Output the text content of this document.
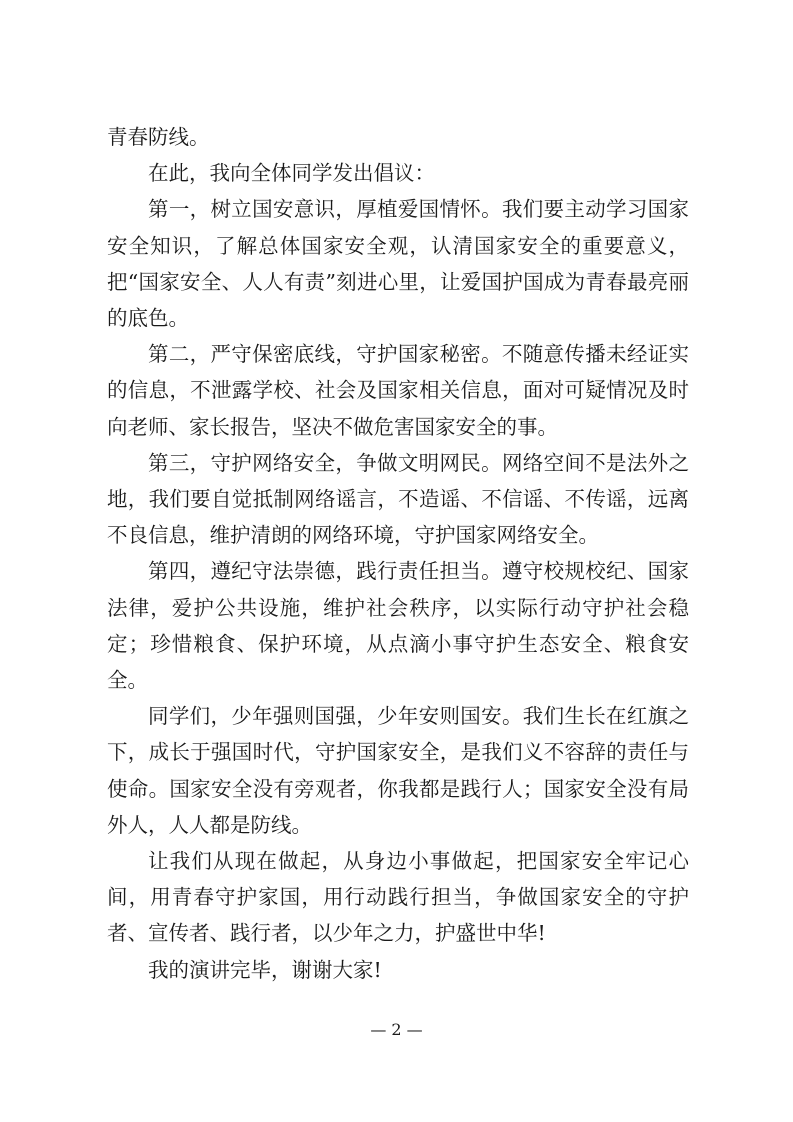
青春防线。

在此，我向全体同学发出倡议：

第一，树立国安意识，厚植爱国情怀。我们要主动学习国家安全知识，了解总体国家安全观，认清国家安全的重要意义，把“国家安全、人人有责”刻进心里，让爱国护国成为青春最亮丽的底色。

第二，严守保密底线，守护国家秘密。不随意传播未经证实的信息，不泄露学校、社会及国家相关信息，面对可疑情况及时向老师、家长报告，坚决不做危害国家安全的事。

第三，守护网络安全，争做文明网民。网络空间不是法外之地，我们要自觉抵制网络谣言，不造谣、不信谣、不传谣，远离不良信息，维护清朗的网络环境，守护国家网络安全。

第四，遵纪守法崇德，践行责任担当。遵守校规校纪、国家法律，爱护公共设施，维护社会秩序，以实际行动守护社会稳定；珍惜粮食、保护环境，从点滴小事守护生态安全、粮食安全。

同学们，少年强则国强，少年安则国安。我们生长在红旗之下，成长于强国时代，守护国家安全，是我们义不容辞的责任与使命。国家安全没有旁观者，你我都是践行人；国家安全没有局外人，人人都是防线。

让我们从现在做起，从身边小事做起，把国家安全牢记心间，用青春守护家国，用行动践行担当，争做国家安全的守护者、宣传者、践行者，以少年之力，护盛世中华!

我的演讲完毕，谢谢大家!

— 2 —
